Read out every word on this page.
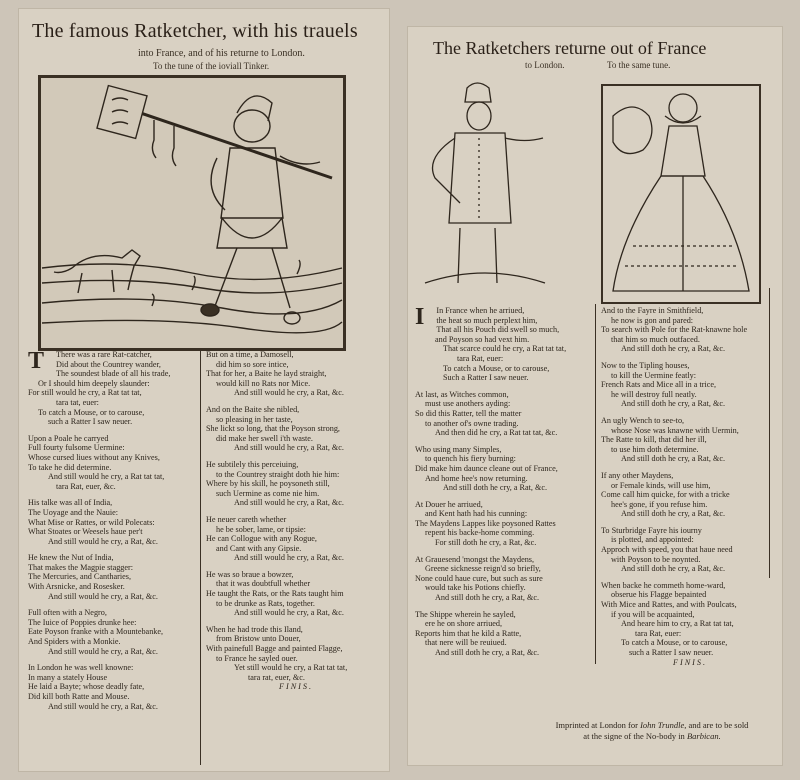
The famous Ratketcher, with his trauels
into France, and of his returne to London.
To the tune of the ioviall Tinker.
T	There was a rare Rat-catcher,
Did about the Countrey wander,
The soundest blade of all his trade,
Or I should him deepely slaunder:
For still would he cry, a Rat tat tat,
tara tat, euer:
To catch a Mouse, or to carouse,
such a Ratter I saw neuer.
Upon a Poale he carryed
Full fourty fulsome Uermine:
Whose cursed liues without any Knives,
To take he did determine.
And still would he cry, a Rat tat tat,
tara Rat, euer, &c.
His talke was all of India,
The Uoyage and the Nauie:
What Mise or Rattes, or wild Polecats:
What Stoates or Weesels haue per't
And still would he cry, a Rat, &c.
He knew the Nut of India,
That makes the Magpie stagger:
The Mercuries, and Cantharies,
With Arsnicke, and Rosesker.
And still would he cry, a Rat, &c.
Full often with a Negro,
The Iuice of Poppies drunke hee:
Eate Poyson franke with a Mountebanke,
And Spiders with a Monkie.
And still would he cry, a Rat, &c.
In London he was well knowne:
In many a stately House
He laid a Bayte; whose deadly fate,
Did kill both Ratte and Mouse.
And still would he cry, a Rat, &c.
But on a time, a Damosell,
did him so sore intice,
That for her, a Baite he layd straight,
would kill no Rats nor Mice.
And still would he cry, a Rat, &c.
And on the Baite she nibled,
so pleasing in her taste,
She lickt so long, that the Poyson strong,
did make her swell i'th waste.
And still would he cry, a Rat, &c.
He subtilely this perceiuing,
to the Countrey straight doth hie him:
Where by his skill, he poysoneth still,
such Uermine as come nie him.
And still would he cry, a Rat, &c.
He neuer careth whether
he be sober, lame, or tipsie:
He can Collogue with any Rogue,
and Cant with any Gipsie.
And still would he cry, a Rat, &c.
He was so braue a bowzer,
that it was doubtfull whether
He taught the Rats, or the Rats taught him
to be drunke as Rats, together.
And still would he cry, a Rat, &c.
When he had trode this Iland,
from Bristow unto Douer,
With painefull Bagge and painted Flagge,
to France he sayled ouer.
Yet still would he cry, a Rat tat tat,
tara rat, euer, &c.
FINIS.
The Ratketchers returne out of France
to London.	To the same tune.
I	In France when he arriued,
the heat so much perplext him,
That all his Pouch did swell so much,
and Poyson so had vext him.
That scarce could he cry, a Rat tat tat,
tara Rat, euer:
To catch a Mouse, or to carouse,
Such a Ratter I saw neuer.
At last, as Witches common,
must use anothers ayding:
So did this Ratter, tell the matter
to another of's owne trading.
And then did he cry, a Rat tat tat, &c.
Who using many Simples,
to quench his fiery burning:
Did make him daunce cleane out of France,
And home hee's now returning.
And still doth he cry, a Rat, &c.
At Douer he arriued,
and Kent hath had his cunning:
The Maydens Lappes like poysoned Rattes
repent his backe-home comming.
For still doth he cry, a Rat, &c.
At Grauesend 'mongst the Maydens,
Greene sicknesse reign'd so briefly,
None could haue cure, but such as sure
would take his Potions chiefly.
And still doth he cry, a Rat, &c.
The Shippe wherein he sayled,
ere he on shore arriued,
Reports him that he kild a Ratte,
that nere will be reuiued.
And still doth he cry, a Rat, &c.
And to the Fayre in Smithfield,
he now is gon and pared:
To search with Pole for the Rat-knawne hole
that him so much outfaced.
And still doth he cry, a Rat, &c.
Now to the Tipling houses,
to kill the Uermine featly:
French Rats and Mice all in a trice,
he will destroy full neatly.
And still doth he cry, a Rat, &c.
An ugly Wench to see-to,
whose Nose was knawne with Uermin,
The Ratte to kill, that did her ill,
to use him doth determine.
And still doth he cry, a Rat, &c.
If any other Maydens,
or Female kinds, will use him,
Come call him quicke, for with a tricke
hee's gone, if you refuse him.
And still doth he cry, a Rat, &c.
To Sturbridge Fayre his iourny
is plotted, and appointed:
Approch with speed, you that haue need
with Poyson to be noynted.
And still doth he cry, a Rat, &c.
When backe he commeth home-ward,
obserue his Flagge bepainted
With Mice and Rattes, and with Poulcats,
if you will be acquainted,
And heare him to cry, a Rat tat tat,
tara Rat, euer:
To catch a Mouse, or to carouse,
such a Ratter I saw neuer.
FINIS.
Imprinted at London for Iohn Trundle, and are to be sold
at the signe of the No-body in Barbican.
